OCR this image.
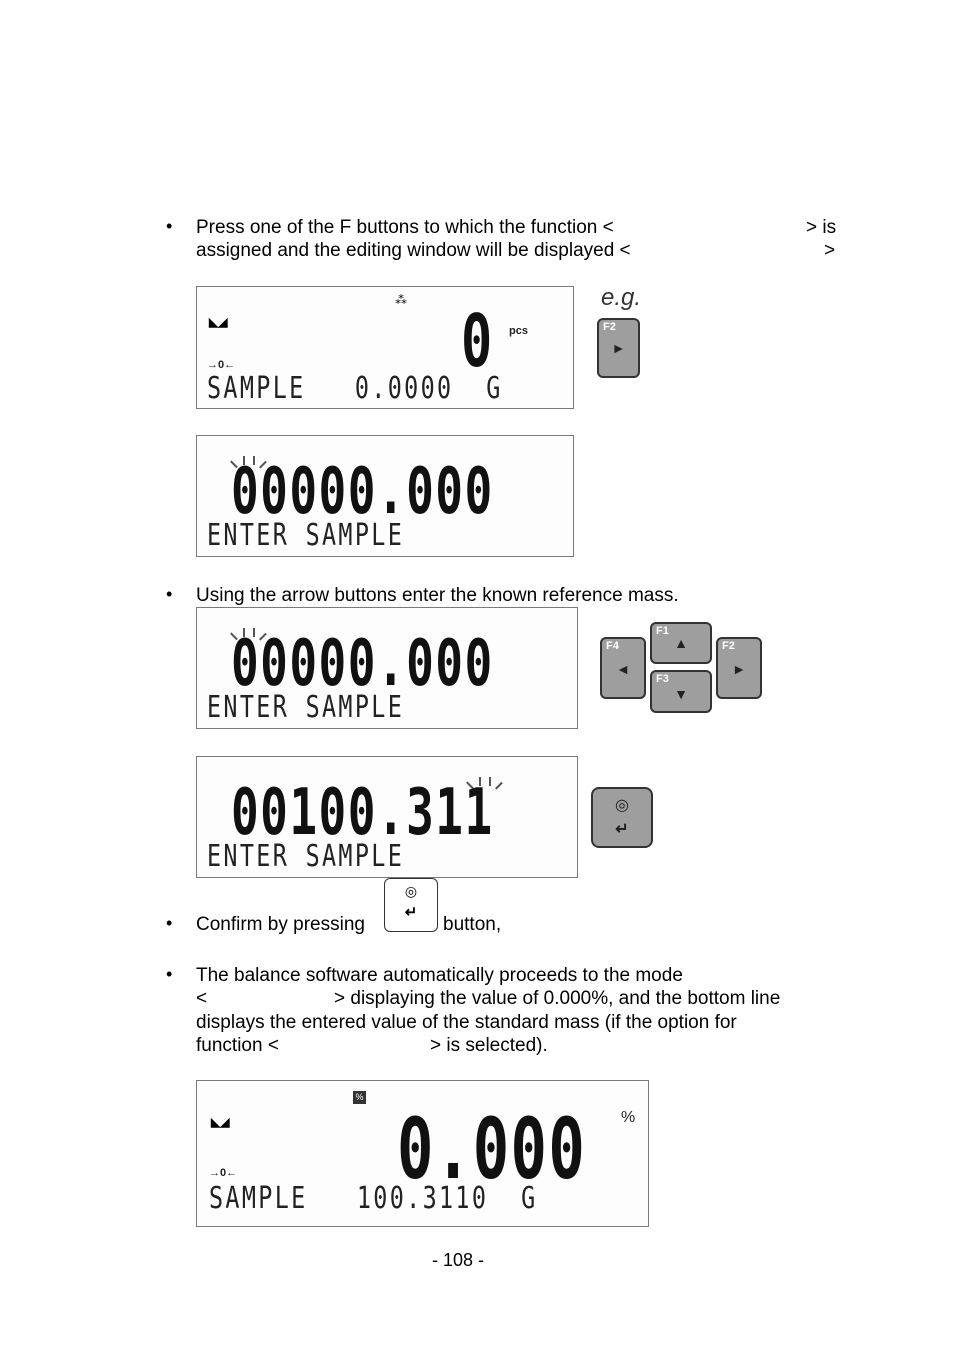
• Press one of the F buttons to which the function <	> is
assigned and the editing window will be displayed <	>
◣◢
⁂ 0 pcs
→0←
SAMPLE   0.0000  G
e.g.
F2
►
00000.000
ENTER SAMPLE
• Using the arrow buttons enter the known reference mass.
00000.000
ENTER SAMPLE
F4
◄
F1
▲
F3
▼
F2
►
00100.311
ENTER SAMPLE
◎
↵
• Confirm by pressing
◎
↵
button,
• The balance software automatically proceeds to the mode
<	> displaying the value of 0.000%, and the bottom line
displays the entered value of the standard mass (if the option for
function <	> is selected).
◣◢
%
0.000 %
→0←
SAMPLE   100.3110  G
- 108 -
